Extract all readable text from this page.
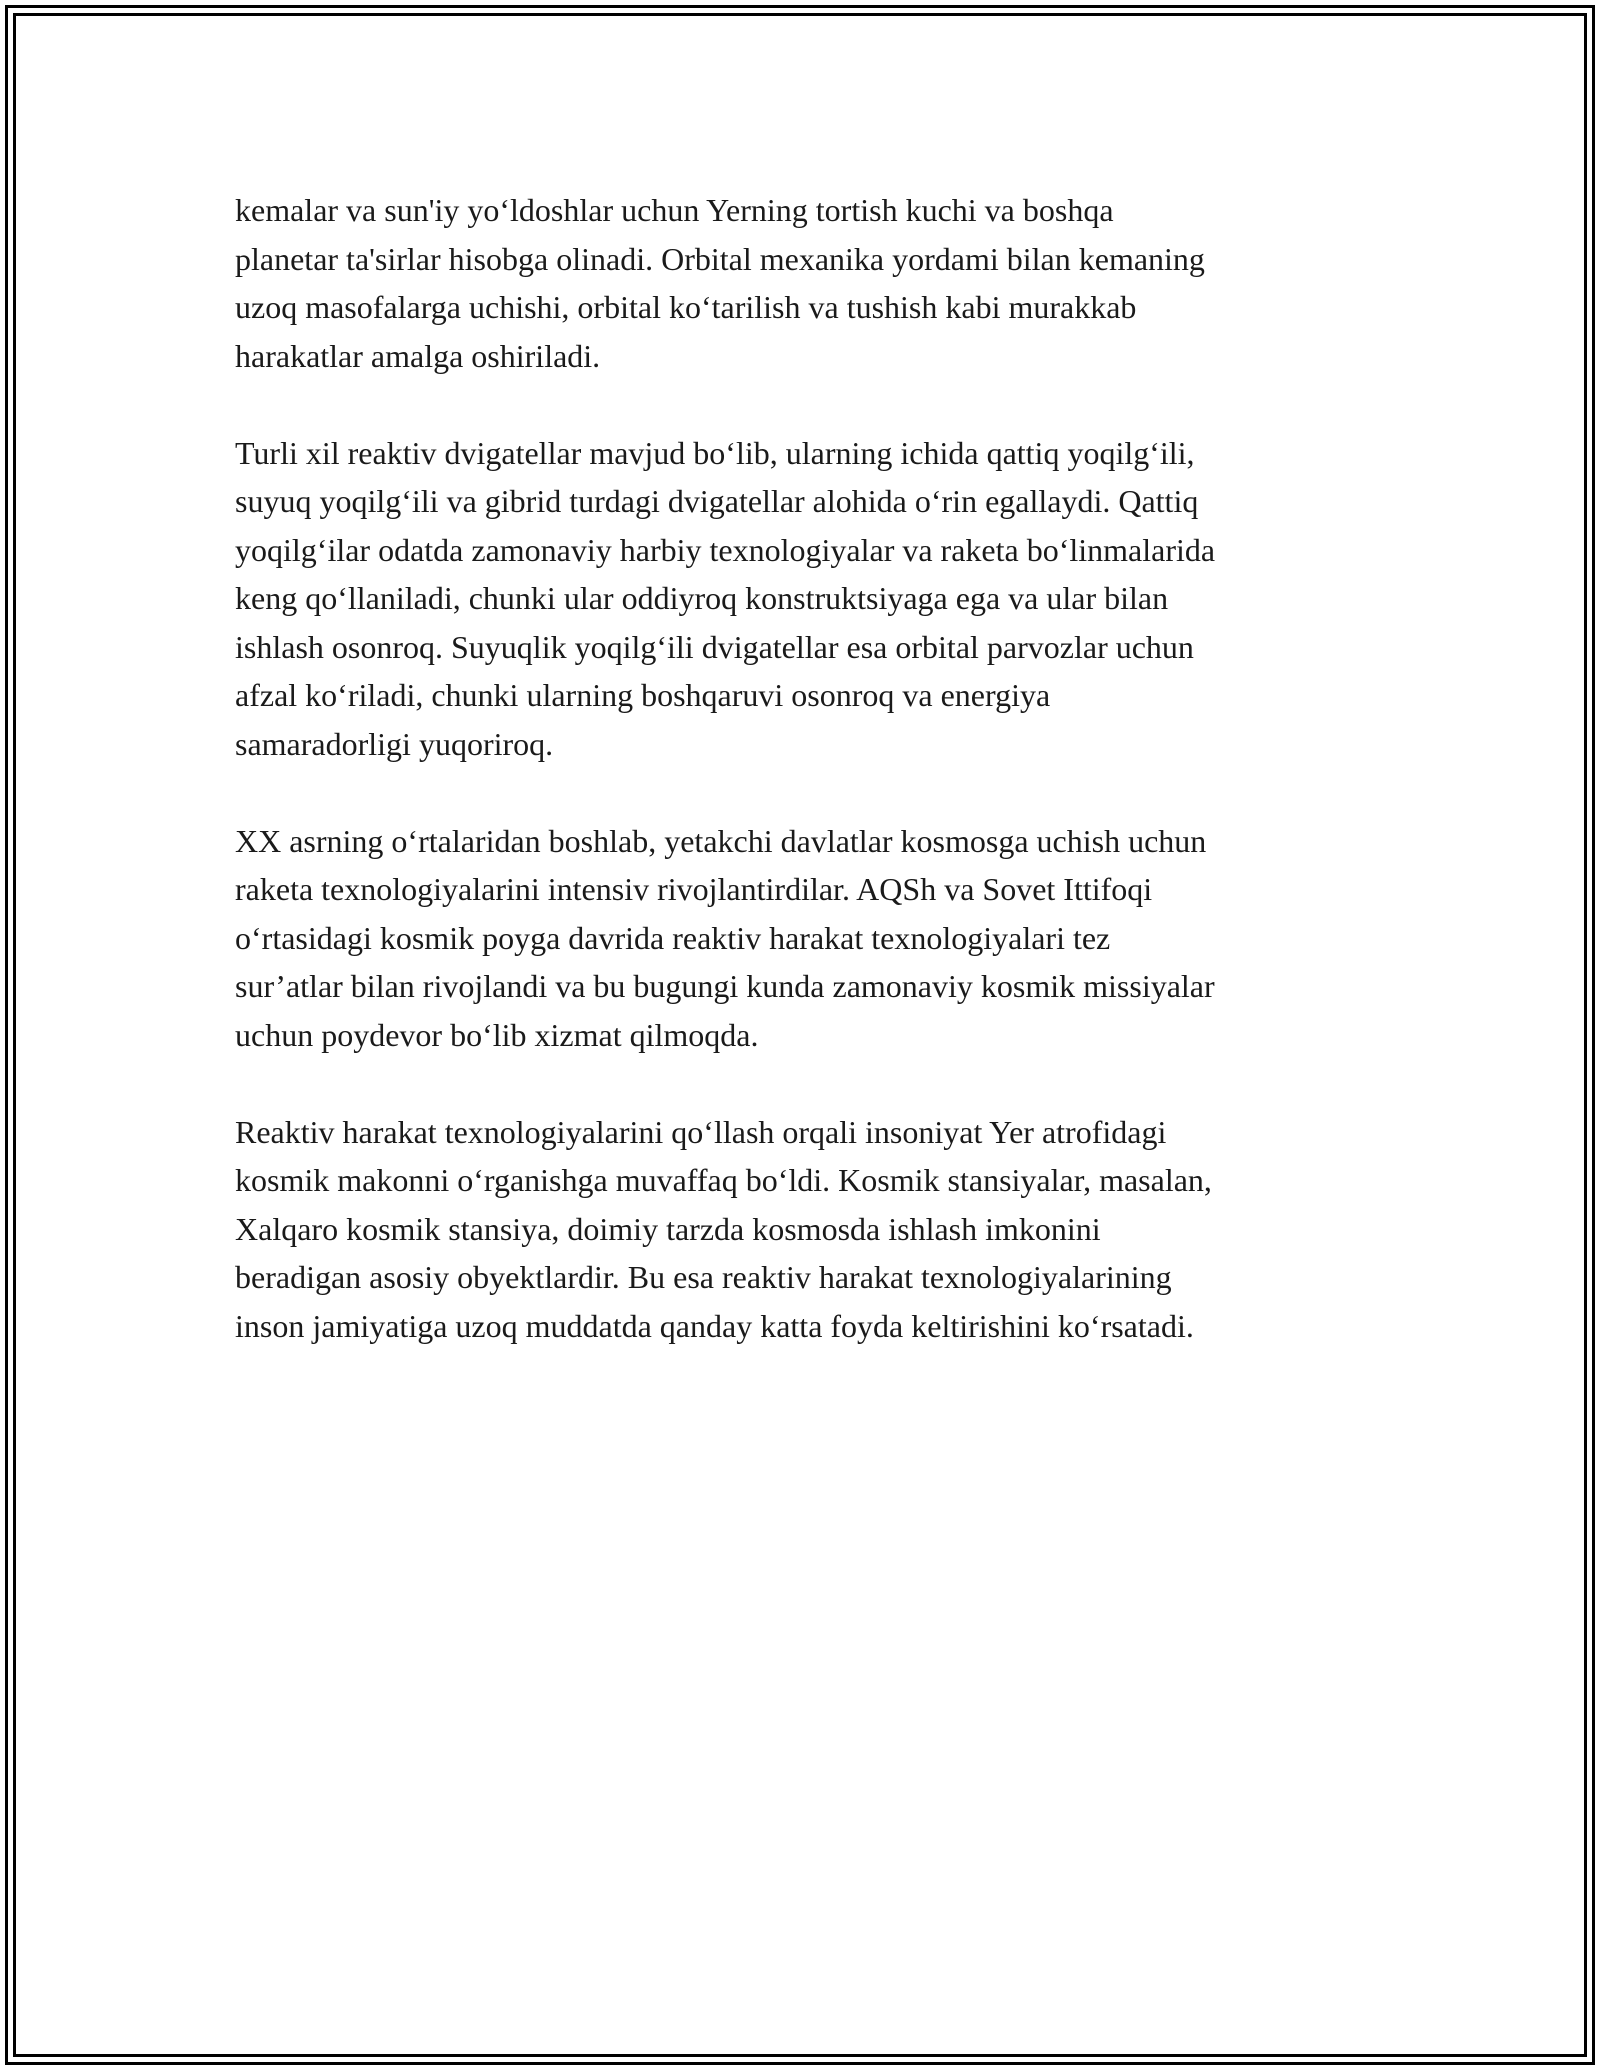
kemalar va sun'iy yo‘ldoshlar uchun Yerning tortish kuchi va boshqa
planetar ta'sirlar hisobga olinadi. Orbital mexanika yordami bilan kemaning
uzoq masofalarga uchishi, orbital ko‘tarilish va tushish kabi murakkab
harakatlar amalga oshiriladi.

Turli xil reaktiv dvigatellar mavjud bo‘lib, ularning ichida qattiq yoqilg‘ili,
suyuq yoqilg‘ili va gibrid turdagi dvigatellar alohida o‘rin egallaydi. Qattiq
yoqilg‘ilar odatda zamonaviy harbiy texnologiyalar va raketa bo‘linmalarida
keng qo‘llaniladi, chunki ular oddiyroq konstruktsiyaga ega va ular bilan
ishlash osonroq. Suyuqlik yoqilg‘ili dvigatellar esa orbital parvozlar uchun
afzal ko‘riladi, chunki ularning boshqaruvi osonroq va energiya
samaradorligi yuqoriroq.

XX asrning o‘rtalaridan boshlab, yetakchi davlatlar kosmosga uchish uchun
raketa texnologiyalarini intensiv rivojlantirdilar. AQSh va Sovet Ittifoqi
o‘rtasidagi kosmik poyga davrida reaktiv harakat texnologiyalari tez
sur’atlar bilan rivojlandi va bu bugungi kunda zamonaviy kosmik missiyalar
uchun poydevor bo‘lib xizmat qilmoqda.

Reaktiv harakat texnologiyalarini qo‘llash orqali insoniyat Yer atrofidagi
kosmik makonni o‘rganishga muvaffaq bo‘ldi. Kosmik stansiyalar, masalan,
Xalqaro kosmik stansiya, doimiy tarzda kosmosda ishlash imkonini
beradigan asosiy obyektlardir. Bu esa reaktiv harakat texnologiyalarining
inson jamiyatiga uzoq muddatda qanday katta foyda keltirishini ko‘rsatadi.
